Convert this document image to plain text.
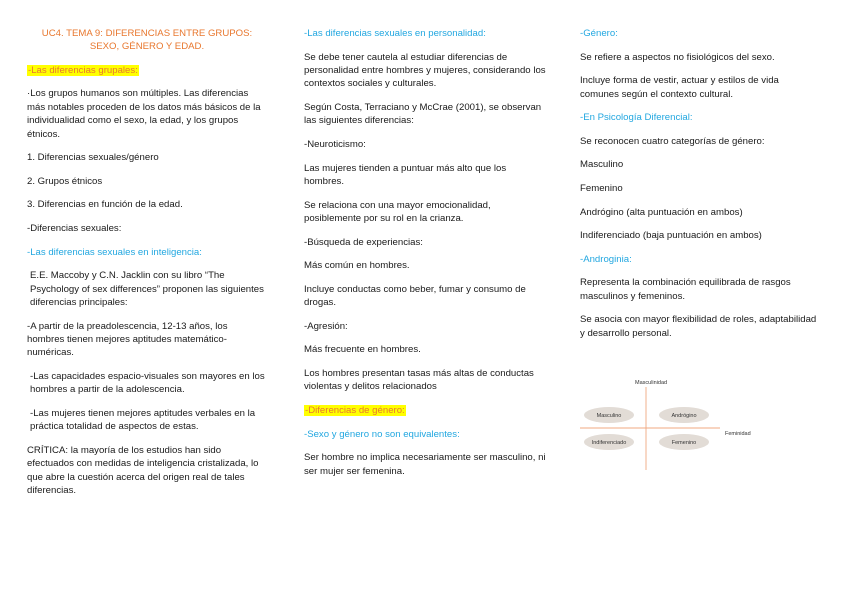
UC4. TEMA 9: DIFERENCIAS ENTRE GRUPOS: SEXO, GÉNERO Y EDAD.

-Las diferencias grupales:

·Los grupos humanos son múltiples. Las diferencias más notables proceden de los datos más básicos de la individualidad como el sexo, la edad, y los grupos étnicos.

1. Diferencias sexuales/género

2. Grupos étnicos

3. Diferencias en función de la edad.

-Diferencias sexuales:

-Las diferencias sexuales en inteligencia:

E.E. Maccoby y C.N. Jacklin con su libro “The Psychology of sex differences” proponen las siguientes diferencias principales:

-A partir de la preadolescencia, 12-13 años, los hombres tienen mejores aptitudes matemático-numéricas.

-Las capacidades espacio-visuales son mayores en los hombres a partir de la adolescencia.

-Las mujeres tienen mejores aptitudes verbales en la práctica totalidad de aspectos de estas.

CRÍTICA: la mayoría de los estudios han sido efectuados con medidas de inteligencia cristalizada, lo que abre la cuestión acerca del origen real de tales diferencias.

-Las diferencias sexuales en personalidad:

Se debe tener cautela al estudiar diferencias de personalidad entre hombres y mujeres, considerando los contextos sociales y culturales.

Según Costa, Terraciano y McCrae (2001), se observan las siguientes diferencias:

-Neuroticismo:

Las mujeres tienden a puntuar más alto que los hombres.

Se relaciona con una mayor emocionalidad, posiblemente por su rol en la crianza.

-Búsqueda de experiencias:

Más común en hombres.

Incluye conductas como beber, fumar y consumo de drogas.

-Agresión:

Más frecuente en hombres.

Los hombres presentan tasas más altas de conductas violentas y delitos relacionados

-Diferencias de género:

-Sexo y género no son equivalentes:

Ser hombre no implica necesariamente ser masculino, ni ser mujer ser femenina.

-Género:

Se refiere a aspectos no fisiológicos del sexo.

Incluye forma de vestir, actuar y estilos de vida comunes según el contexto cultural.

-En Psicología Diferencial:

Se reconocen cuatro categorías de género:

Masculino

Femenino

Andrógino (alta puntuación en ambos)

Indiferenciado (baja puntuación en ambos)

-Androginia:

Representa la combinación equilibrada de rasgos masculinos y femeninos.

Se asocia con mayor flexibilidad de roles, adaptabilidad y desarrollo personal.

Masculinidad
Feminidad
Masculino	Andrógino
Indiferenciado	Femenino
